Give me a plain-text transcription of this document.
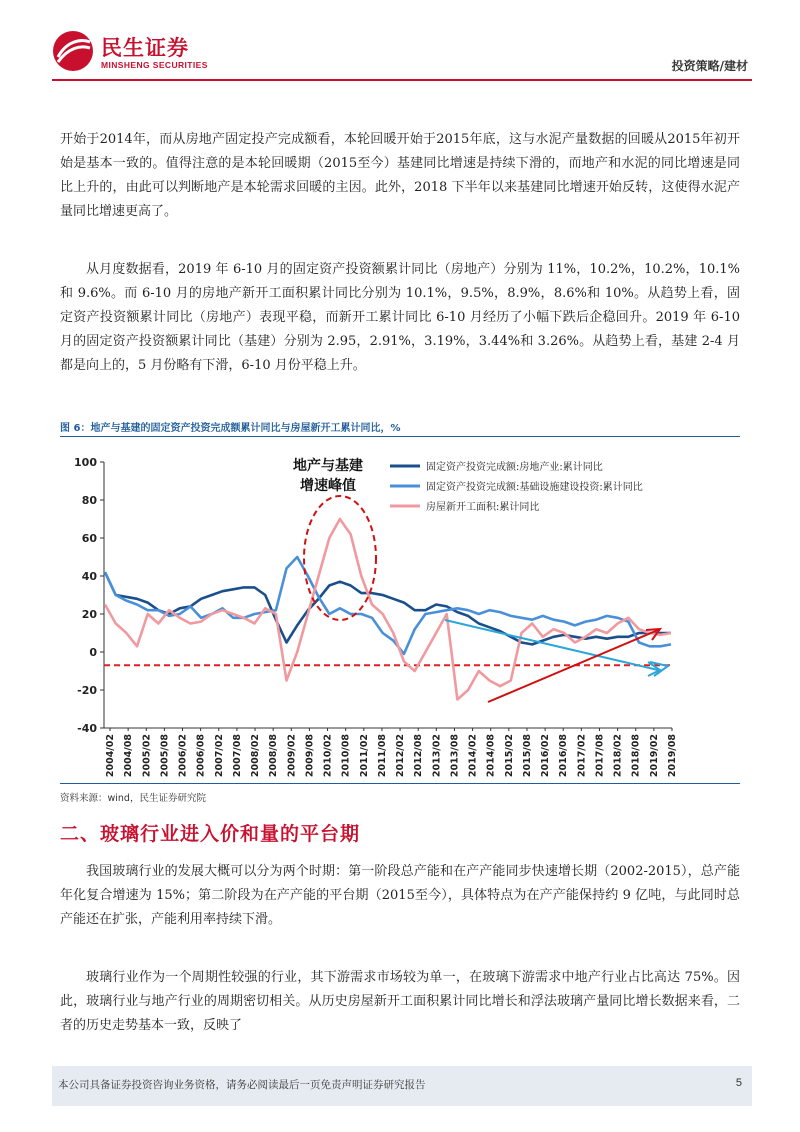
民生证券
MINSHENG SECURITIES	投资策略/建材

开始于2014年，而从房地产固定投产完成额看，本轮回暖开始于2015年底，这与水泥产量数据的回暖从2015年初开始是基本一致的。值得注意的是本轮回暖期（2015至今）基建同比增速是持续下滑的，而地产和水泥的同比增速是同比上升的，由此可以判断地产是本轮需求回暖的主因。此外，2018 下半年以来基建同比增速开始反转，这使得水泥产量同比增速更高了。

从月度数据看，2019 年 6-10 月的固定资产投资额累计同比（房地产）分别为 11%，10.2%，10.2%，10.1%和 9.6%。而 6-10 月的房地产新开工面积累计同比分别为 10.1%，9.5%，8.9%，8.6%和 10%。从趋势上看，固定资产投资额累计同比（房地产）表现平稳，而新开工累计同比 6-10 月经历了小幅下跌后企稳回升。2019 年 6-10 月的固定资产投资额累计同比（基建）分别为 2.95，2.91%，3.19%，3.44%和 3.26%。从趋势上看，基建 2-4 月都是向上的，5 月份略有下滑，6-10 月份平稳上升。

图 6：地产与基建的固定资产投资完成额累计同比与房屋新开工累计同比，%
100
80
60
40
20
0
-20
-40
2004/02 2004/08 2005/02 2005/08 2006/02 2006/08 2007/02 2007/08 2008/02 2008/08 2009/02 2009/08 2010/02 2010/08 2011/02 2011/08 2012/02 2012/08 2013/02 2013/08 2014/02 2014/08 2015/02 2015/08 2016/02 2016/08 2017/02 2017/08 2018/02 2018/08 2019/02 2019/08
固定资产投资完成额:房地产业:累计同比
固定资产投资完成额:基础设施建设投资:累计同比
房屋新开工面积:累计同比
地产与基建
增速峰值
资料来源：wind，民生证券研究院
二、玻璃行业进入价和量的平台期

我国玻璃行业的发展大概可以分为两个时期：第一阶段总产能和在产产能同步快速增长期（2002-2015），总产能年化复合增速为 15%；第二阶段为在产产能的平台期（2015至今），具体特点为在产产能保持约 9 亿吨，与此同时总产能还在扩张，产能利用率持续下滑。

玻璃行业作为一个周期性较强的行业，其下游需求市场较为单一，在玻璃下游需求中地产行业占比高达 75%。因此，玻璃行业与地产行业的周期密切相关。从历史房屋新开工面积累计同比增长和浮法玻璃产量同比增长数据来看，二者的历史走势基本一致，反映了

本公司具备证券投资咨询业务资格，请务必阅读最后一页免责声明证券研究报告	5
